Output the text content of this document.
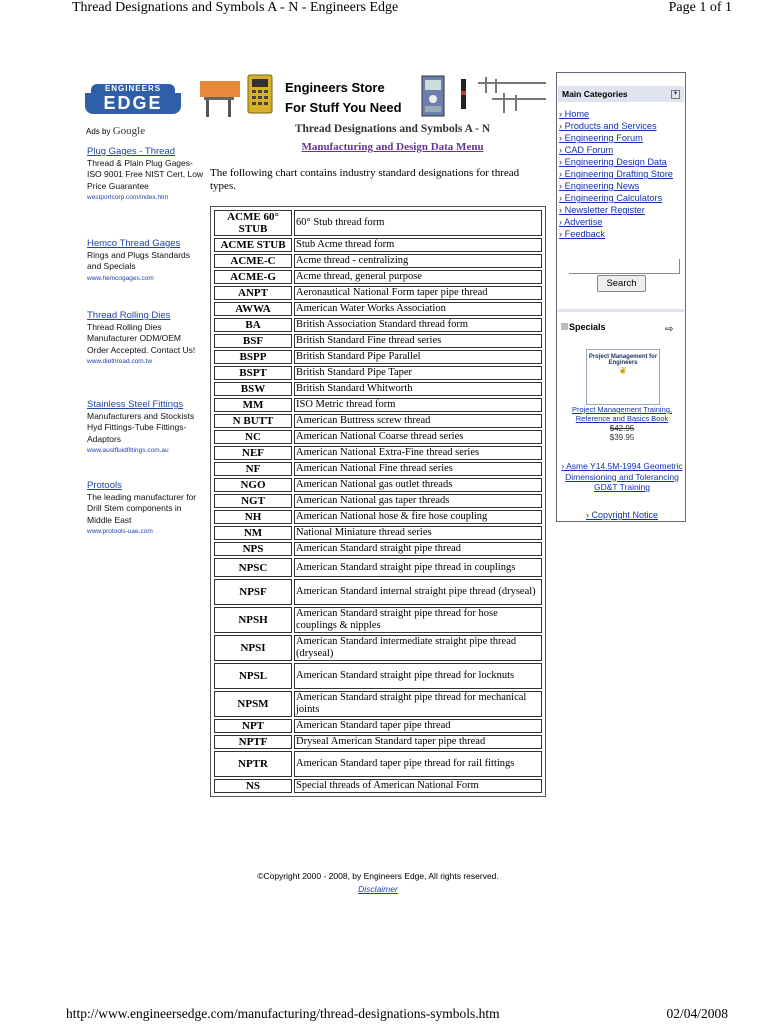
Thread Designations and Symbols A - N - Engineers Edge	Page 1 of 1
ENGINEERS
EDGE
Engineers Store
For Stuff You Need
Ads by Google	Thread Designations and Symbols A - N
Manufacturing and Design Data Menu
The following chart contains industry standard designations for thread types.
Plug Gages - Thread
Thread & Plain Plug Gages- ISO 9001 Free NIST Cert, Low Price Guarantee
westportcorp.com/index.htm
Hemco Thread Gages
Rings and Plugs Standards and Specials
www.hemcogages.com
Thread Rolling Dies
Thread Rolling Dies Manufacturer ODM/OEM Order Accepted. Contact Us!
www.diethread.com.tw
Stainless Steel Fittings
Manufacturers and Stockists Hyd Fittings-Tube Fittings-Adaptors
www.austfluidfittings.com.au
Protools
The leading manufacturer for Drill Stem components in Middle East
www.protools-uae.com
ACME 60° STUB	60° Stub thread form
ACME STUB	Stub Acme thread form
ACME-C	Acme thread - centralizing
ACME-G	Acme thread, general purpose
ANPT	Aeronautical National Form taper pipe thread
AWWA	American Water Works Association
BA	British Association Standard thread form
BSF	British Standard Fine thread series
BSPP	British Standard Pipe Parallel
BSPT	British Standard Pipe Taper
BSW	British Standard Whitworth
MM	ISO Metric thread form
N BUTT	American Buttress screw thread
NC	American National Coarse thread series
NEF	American National Extra-Fine thread series
NF	American National Fine thread series
NGO	American National gas outlet threads
NGT	American National gas taper threads
NH	American National hose & fire hose coupling
NM	National Miniature thread series
NPS	American Standard straight pipe thread
NPSC	American Standard straight pipe thread in couplings
NPSF	American Standard internal straight pipe thread (dryseal)
NPSH	American Standard straight pipe thread for hose couplings & nipples
NPSI	American Standard intermediate straight pipe thread (dryseal)
NPSL	American Standard straight pipe thread for locknuts
NPSM	American Standard straight pipe thread for mechanical joints
NPT	American Standard taper pipe thread
NPTF	Dryseal American Standard taper pipe thread
NPTR	American Standard taper pipe thread for rail fittings
NS	Special threads of American National Form
©Copyright 2000 - 2008, by Engineers Edge, All rights reserved.
Disclaimer
Main Categories	+
› Home
› Products and Services
› Engineering Forum
› CAD Forum
› Engineering Design Data
› Engineering Drafting Store
› Engineering News
› Engineering Calculators
› Newsletter Register
› Advertise
› Feedback
Search
Specials	⇨
Project Management for Engineers
❦
Project Management Training, Reference and Basics Book
$42.95
$39.95
› Asme Y14.5M-1994 Geometric Dimensioning and Tolerancing GD&T Training
› Copyright Notice
http://www.engineersedge.com/manufacturing/thread-designations-symbols.htm	02/04/2008
